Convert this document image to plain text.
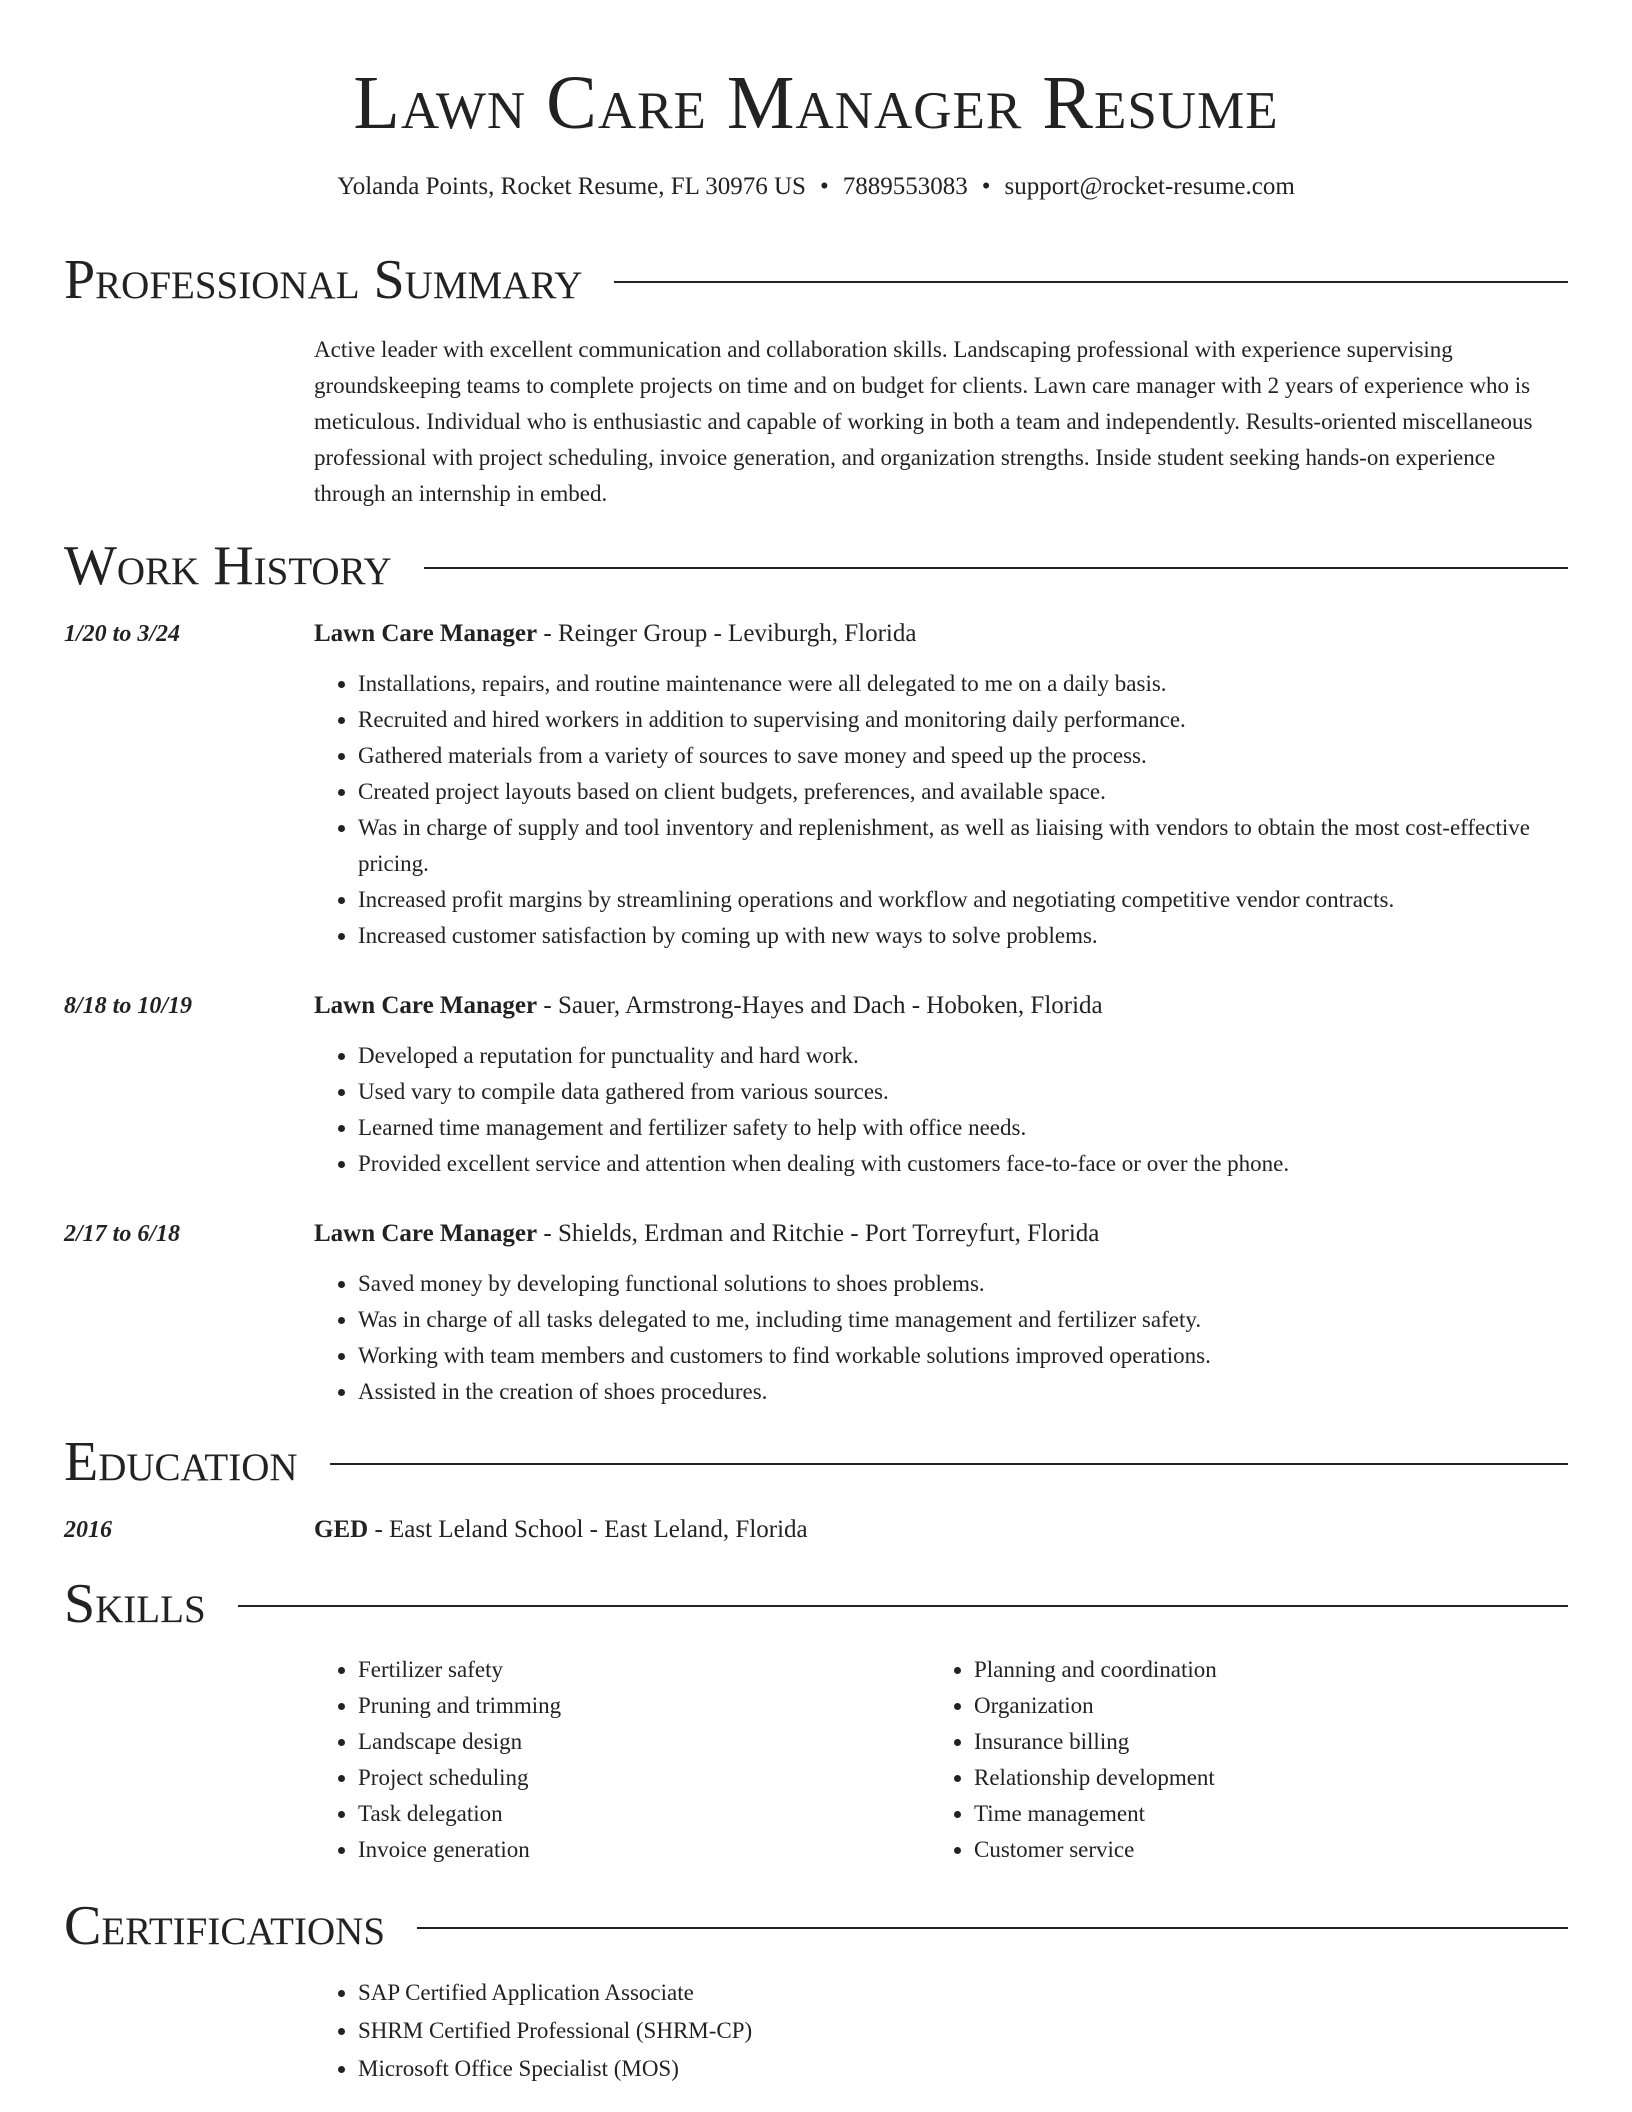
Lawn Care Manager Resume
Yolanda Points, Rocket Resume, FL 30976 US • 7889553083 • support@rocket-resume.com
Professional Summary
Active leader with excellent communication and collaboration skills. Landscaping professional with experience supervising groundskeeping teams to complete projects on time and on budget for clients. Lawn care manager with 2 years of experience who is meticulous. Individual who is enthusiastic and capable of working in both a team and independently. Results-oriented miscellaneous professional with project scheduling, invoice generation, and organization strengths. Inside student seeking hands-on experience through an internship in embed.
Work History
1/20 to 3/24	Lawn Care Manager - Reinger Group - Leviburgh, Florida
• Installations, repairs, and routine maintenance were all delegated to me on a daily basis.
• Recruited and hired workers in addition to supervising and monitoring daily performance.
• Gathered materials from a variety of sources to save money and speed up the process.
• Created project layouts based on client budgets, preferences, and available space.
• Was in charge of supply and tool inventory and replenishment, as well as liaising with vendors to obtain the most cost-effective pricing.
• Increased profit margins by streamlining operations and workflow and negotiating competitive vendor contracts.
• Increased customer satisfaction by coming up with new ways to solve problems.
8/18 to 10/19	Lawn Care Manager - Sauer, Armstrong-Hayes and Dach - Hoboken, Florida
• Developed a reputation for punctuality and hard work.
• Used vary to compile data gathered from various sources.
• Learned time management and fertilizer safety to help with office needs.
• Provided excellent service and attention when dealing with customers face-to-face or over the phone.
2/17 to 6/18	Lawn Care Manager - Shields, Erdman and Ritchie - Port Torreyfurt, Florida
• Saved money by developing functional solutions to shoes problems.
• Was in charge of all tasks delegated to me, including time management and fertilizer safety.
• Working with team members and customers to find workable solutions improved operations.
• Assisted in the creation of shoes procedures.
Education
2016	GED - East Leland School - East Leland, Florida
Skills
• Fertilizer safety
• Pruning and trimming
• Landscape design
• Project scheduling
• Task delegation
• Invoice generation
• Planning and coordination
• Organization
• Insurance billing
• Relationship development
• Time management
• Customer service
Certifications
• SAP Certified Application Associate
• SHRM Certified Professional (SHRM-CP)
• Microsoft Office Specialist (MOS)
